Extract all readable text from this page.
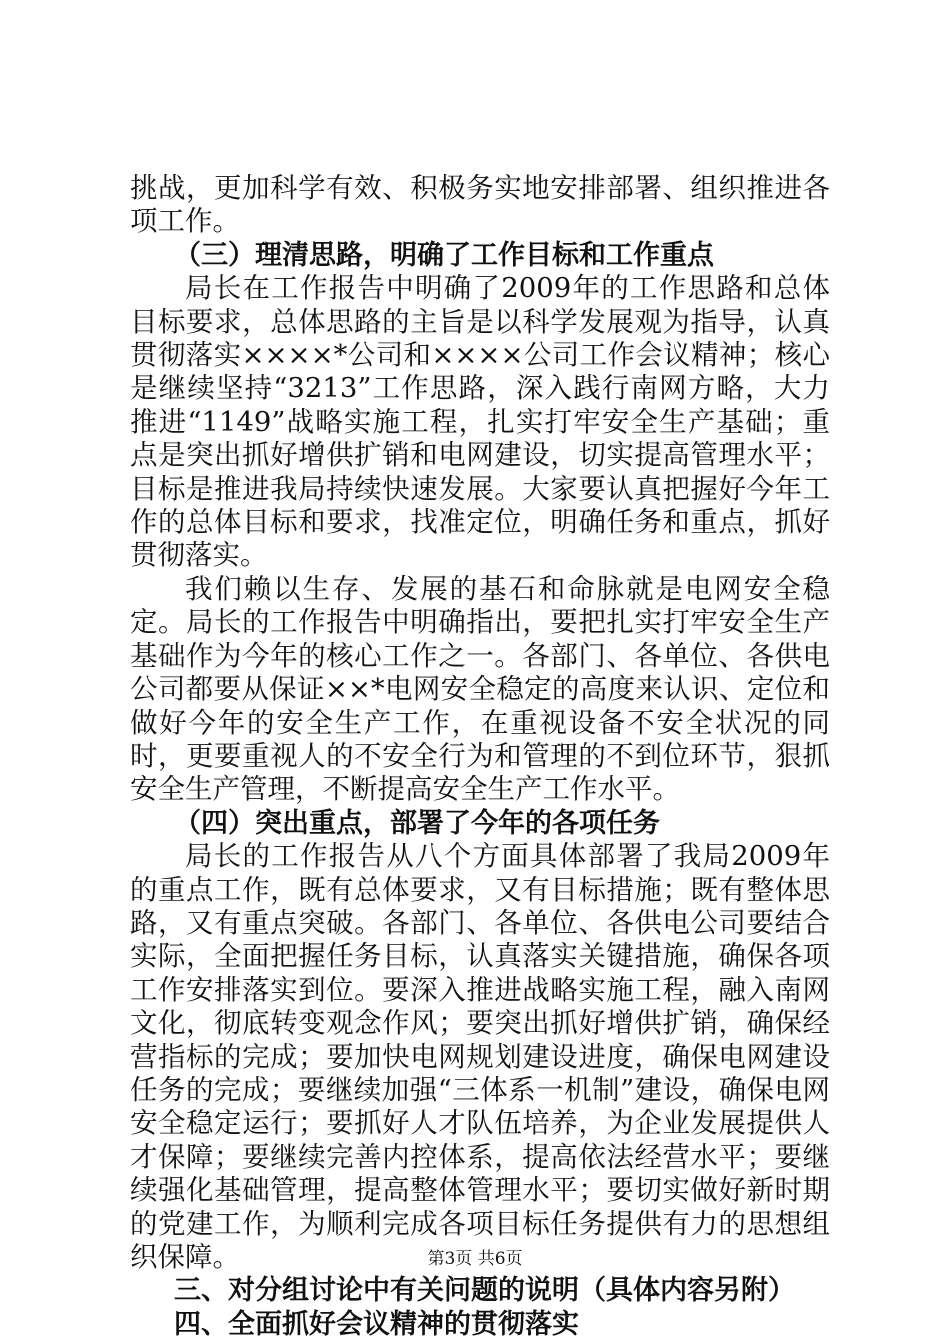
挑战，更加科学有效、积极务实地安排部署、组织推进各项工作。

（三）理清思路，明确了工作目标和工作重点

局长在工作报告中明确了2009年的工作思路和总体目标要求，总体思路的主旨是以科学发展观为指导，认真贯彻落实××××*公司和××××公司工作会议精神；核心是继续坚持“3213”工作思路，深入践行南网方略，大力推进“1149”战略实施工程，扎实打牢安全生产基础；重点是突出抓好增供扩销和电网建设，切实提高管理水平；目标是推进我局持续快速发展。大家要认真把握好今年工作的总体目标和要求，找准定位，明确任务和重点，抓好贯彻落实。

我们赖以生存、发展的基石和命脉就是电网安全稳定。局长的工作报告中明确指出，要把扎实打牢安全生产基础作为今年的核心工作之一。各部门、各单位、各供电公司都要从保证××*电网安全稳定的高度来认识、定位和做好今年的安全生产工作，在重视设备不安全状况的同时，更要重视人的不安全行为和管理的不到位环节，狠抓安全生产管理，不断提高安全生产工作水平。

（四）突出重点，部署了今年的各项任务

局长的工作报告从八个方面具体部署了我局2009年的重点工作，既有总体要求，又有目标措施；既有整体思路，又有重点突破。各部门、各单位、各供电公司要结合实际，全面把握任务目标，认真落实关键措施，确保各项工作安排落实到位。要深入推进战略实施工程，融入南网文化，彻底转变观念作风；要突出抓好增供扩销，确保经营指标的完成；要加快电网规划建设进度，确保电网建设任务的完成；要继续加强“三体系一机制”建设，确保电网安全稳定运行；要抓好人才队伍培养，为企业发展提供人才保障；要继续完善内控体系，提高依法经营水平；要继续强化基础管理，提高整体管理水平；要切实做好新时期的党建工作，为顺利完成各项目标任务提供有力的思想组织保障。

三、对分组讨论中有关问题的说明（具体内容另附）
四、全面抓好会议精神的贯彻落实
第3页 共6页
